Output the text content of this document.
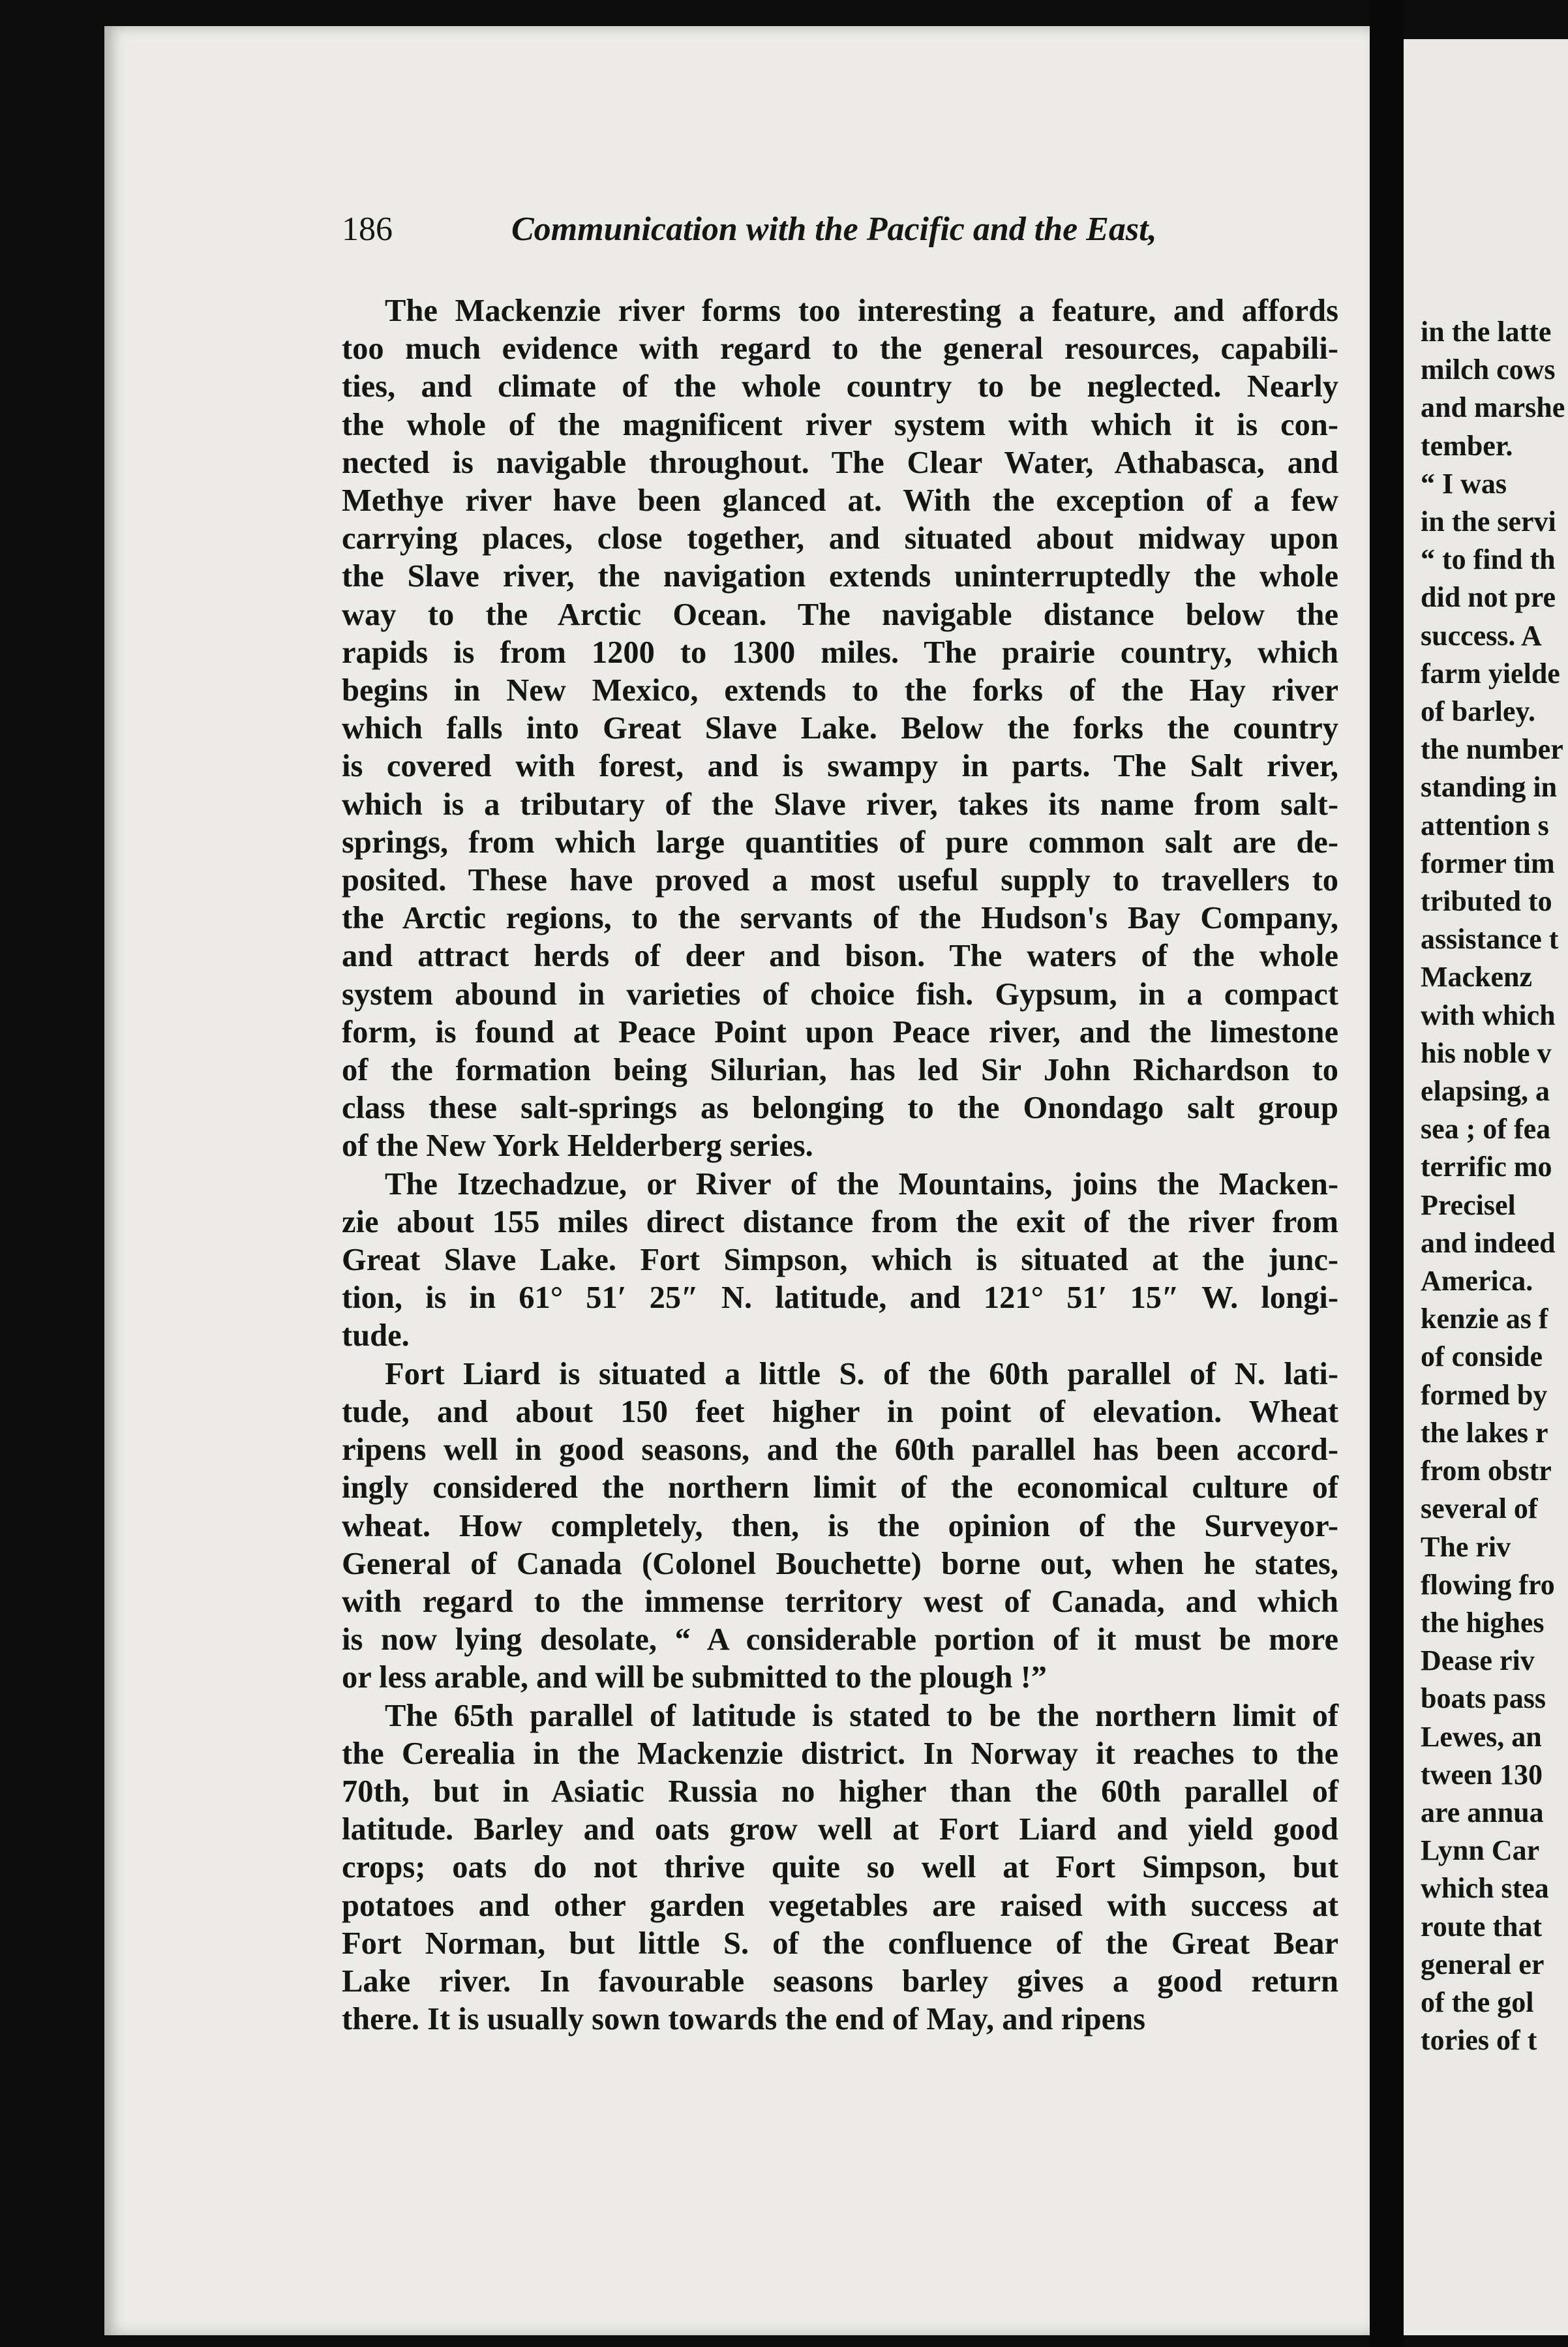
in the latte
milch cows
and marshe
tember.
“ I was
in the servi
“ to find th
did not pre
success. A
farm yielde
of barley.
the number
standing in
attention s
former tim
tributed to
assistance t
Mackenz
with which
his noble v
elapsing, a
sea ; of fea
terrific mo
Precisel
and indeed
America.
kenzie as f
of conside
formed by
the lakes r
from obstr
several of
The riv
flowing fro
the highes
Dease riv
boats pass
Lewes, an
tween 130
are annua
Lynn Car
which stea
route that
general er
of the gol
tories of t
186	Communication with the Pacific and the East,

The Mackenzie river forms too interesting a feature, and affords
too much evidence with regard to the general resources, capabili-
ties, and climate of the whole country to be neglected. Nearly
the whole of the magnificent river system with which it is con-
nected is navigable throughout. The Clear Water, Athabasca, and
Methye river have been glanced at. With the exception of a few
carrying places, close together, and situated about midway upon
the Slave river, the navigation extends uninterruptedly the whole
way to the Arctic Ocean. The navigable distance below the
rapids is from 1200 to 1300 miles. The prairie country, which
begins in New Mexico, extends to the forks of the Hay river
which falls into Great Slave Lake. Below the forks the country
is covered with forest, and is swampy in parts. The Salt river,
which is a tributary of the Slave river, takes its name from salt-
springs, from which large quantities of pure common salt are de-
posited. These have proved a most useful supply to travellers to
the Arctic regions, to the servants of the Hudson's Bay Company,
and attract herds of deer and bison. The waters of the whole
system abound in varieties of choice fish. Gypsum, in a compact
form, is found at Peace Point upon Peace river, and the limestone
of the formation being Silurian, has led Sir John Richardson to
class these salt-springs as belonging to the Onondago salt group
of the New York Helderberg series.

The Itzechadzue, or River of the Mountains, joins the Macken-
zie about 155 miles direct distance from the exit of the river from
Great Slave Lake. Fort Simpson, which is situated at the junc-
tion, is in 61° 51′ 25″ N. latitude, and 121° 51′ 15″ W. longi-
tude.

Fort Liard is situated a little S. of the 60th parallel of N. lati-
tude, and about 150 feet higher in point of elevation. Wheat
ripens well in good seasons, and the 60th parallel has been accord-
ingly considered the northern limit of the economical culture of
wheat. How completely, then, is the opinion of the Surveyor-
General of Canada (Colonel Bouchette) borne out, when he states,
with regard to the immense territory west of Canada, and which
is now lying desolate, “ A considerable portion of it must be more
or less arable, and will be submitted to the plough !”

The 65th parallel of latitude is stated to be the northern limit of
the Cerealia in the Mackenzie district. In Norway it reaches to the
70th, but in Asiatic Russia no higher than the 60th parallel of
latitude. Barley and oats grow well at Fort Liard and yield good
crops; oats do not thrive quite so well at Fort Simpson, but
potatoes and other garden vegetables are raised with success at
Fort Norman, but little S. of the confluence of the Great Bear
Lake river. In favourable seasons barley gives a good return
there. It is usually sown towards the end of May, and ripens
